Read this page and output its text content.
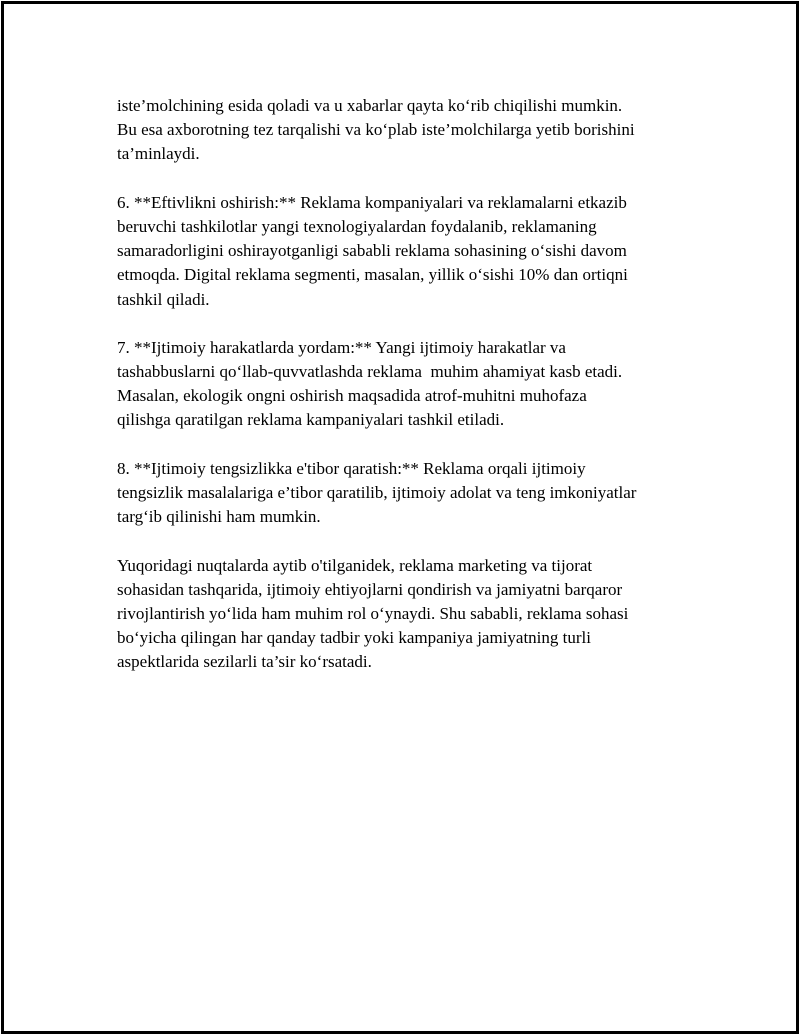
iste’molchining esida qoladi va u xabarlar qayta ko‘rib chiqilishi mumkin.
Bu esa axborotning tez tarqalishi va ko‘plab iste’molchilarga yetib borishini
ta’minlaydi.
6. **Eftivlikni oshirish:** Reklama kompaniyalari va reklamalarni etkazib
beruvchi tashkilotlar yangi texnologiyalardan foydalanib, reklamaning
samaradorligini oshirayotganligi sababli reklama sohasining o‘sishi davom
etmoqda. Digital reklama segmenti, masalan, yillik o‘sishi 10% dan ortiqni
tashkil qiladi.
7. **Ijtimoiy harakatlarda yordam:** Yangi ijtimoiy harakatlar va
tashabbuslarni qo‘llab-quvvatlashda reklama  muhim ahamiyat kasb etadi.
Masalan, ekologik ongni oshirish maqsadida atrof-muhitni muhofaza
qilishga qaratilgan reklama kampaniyalari tashkil etiladi.
8. **Ijtimoiy tengsizlikka e'tibor qaratish:** Reklama orqali ijtimoiy
tengsizlik masalalariga e’tibor qaratilib, ijtimoiy adolat va teng imkoniyatlar
targ‘ib qilinishi ham mumkin.
Yuqoridagi nuqtalarda aytib o'tilganidek, reklama marketing va tijorat
sohasidan tashqarida, ijtimoiy ehtiyojlarni qondirish va jamiyatni barqaror
rivojlantirish yo‘lida ham muhim rol o‘ynaydi. Shu sababli, reklama sohasi
bo‘yicha qilingan har qanday tadbir yoki kampaniya jamiyatning turli
aspektlarida sezilarli ta’sir ko‘rsatadi.
